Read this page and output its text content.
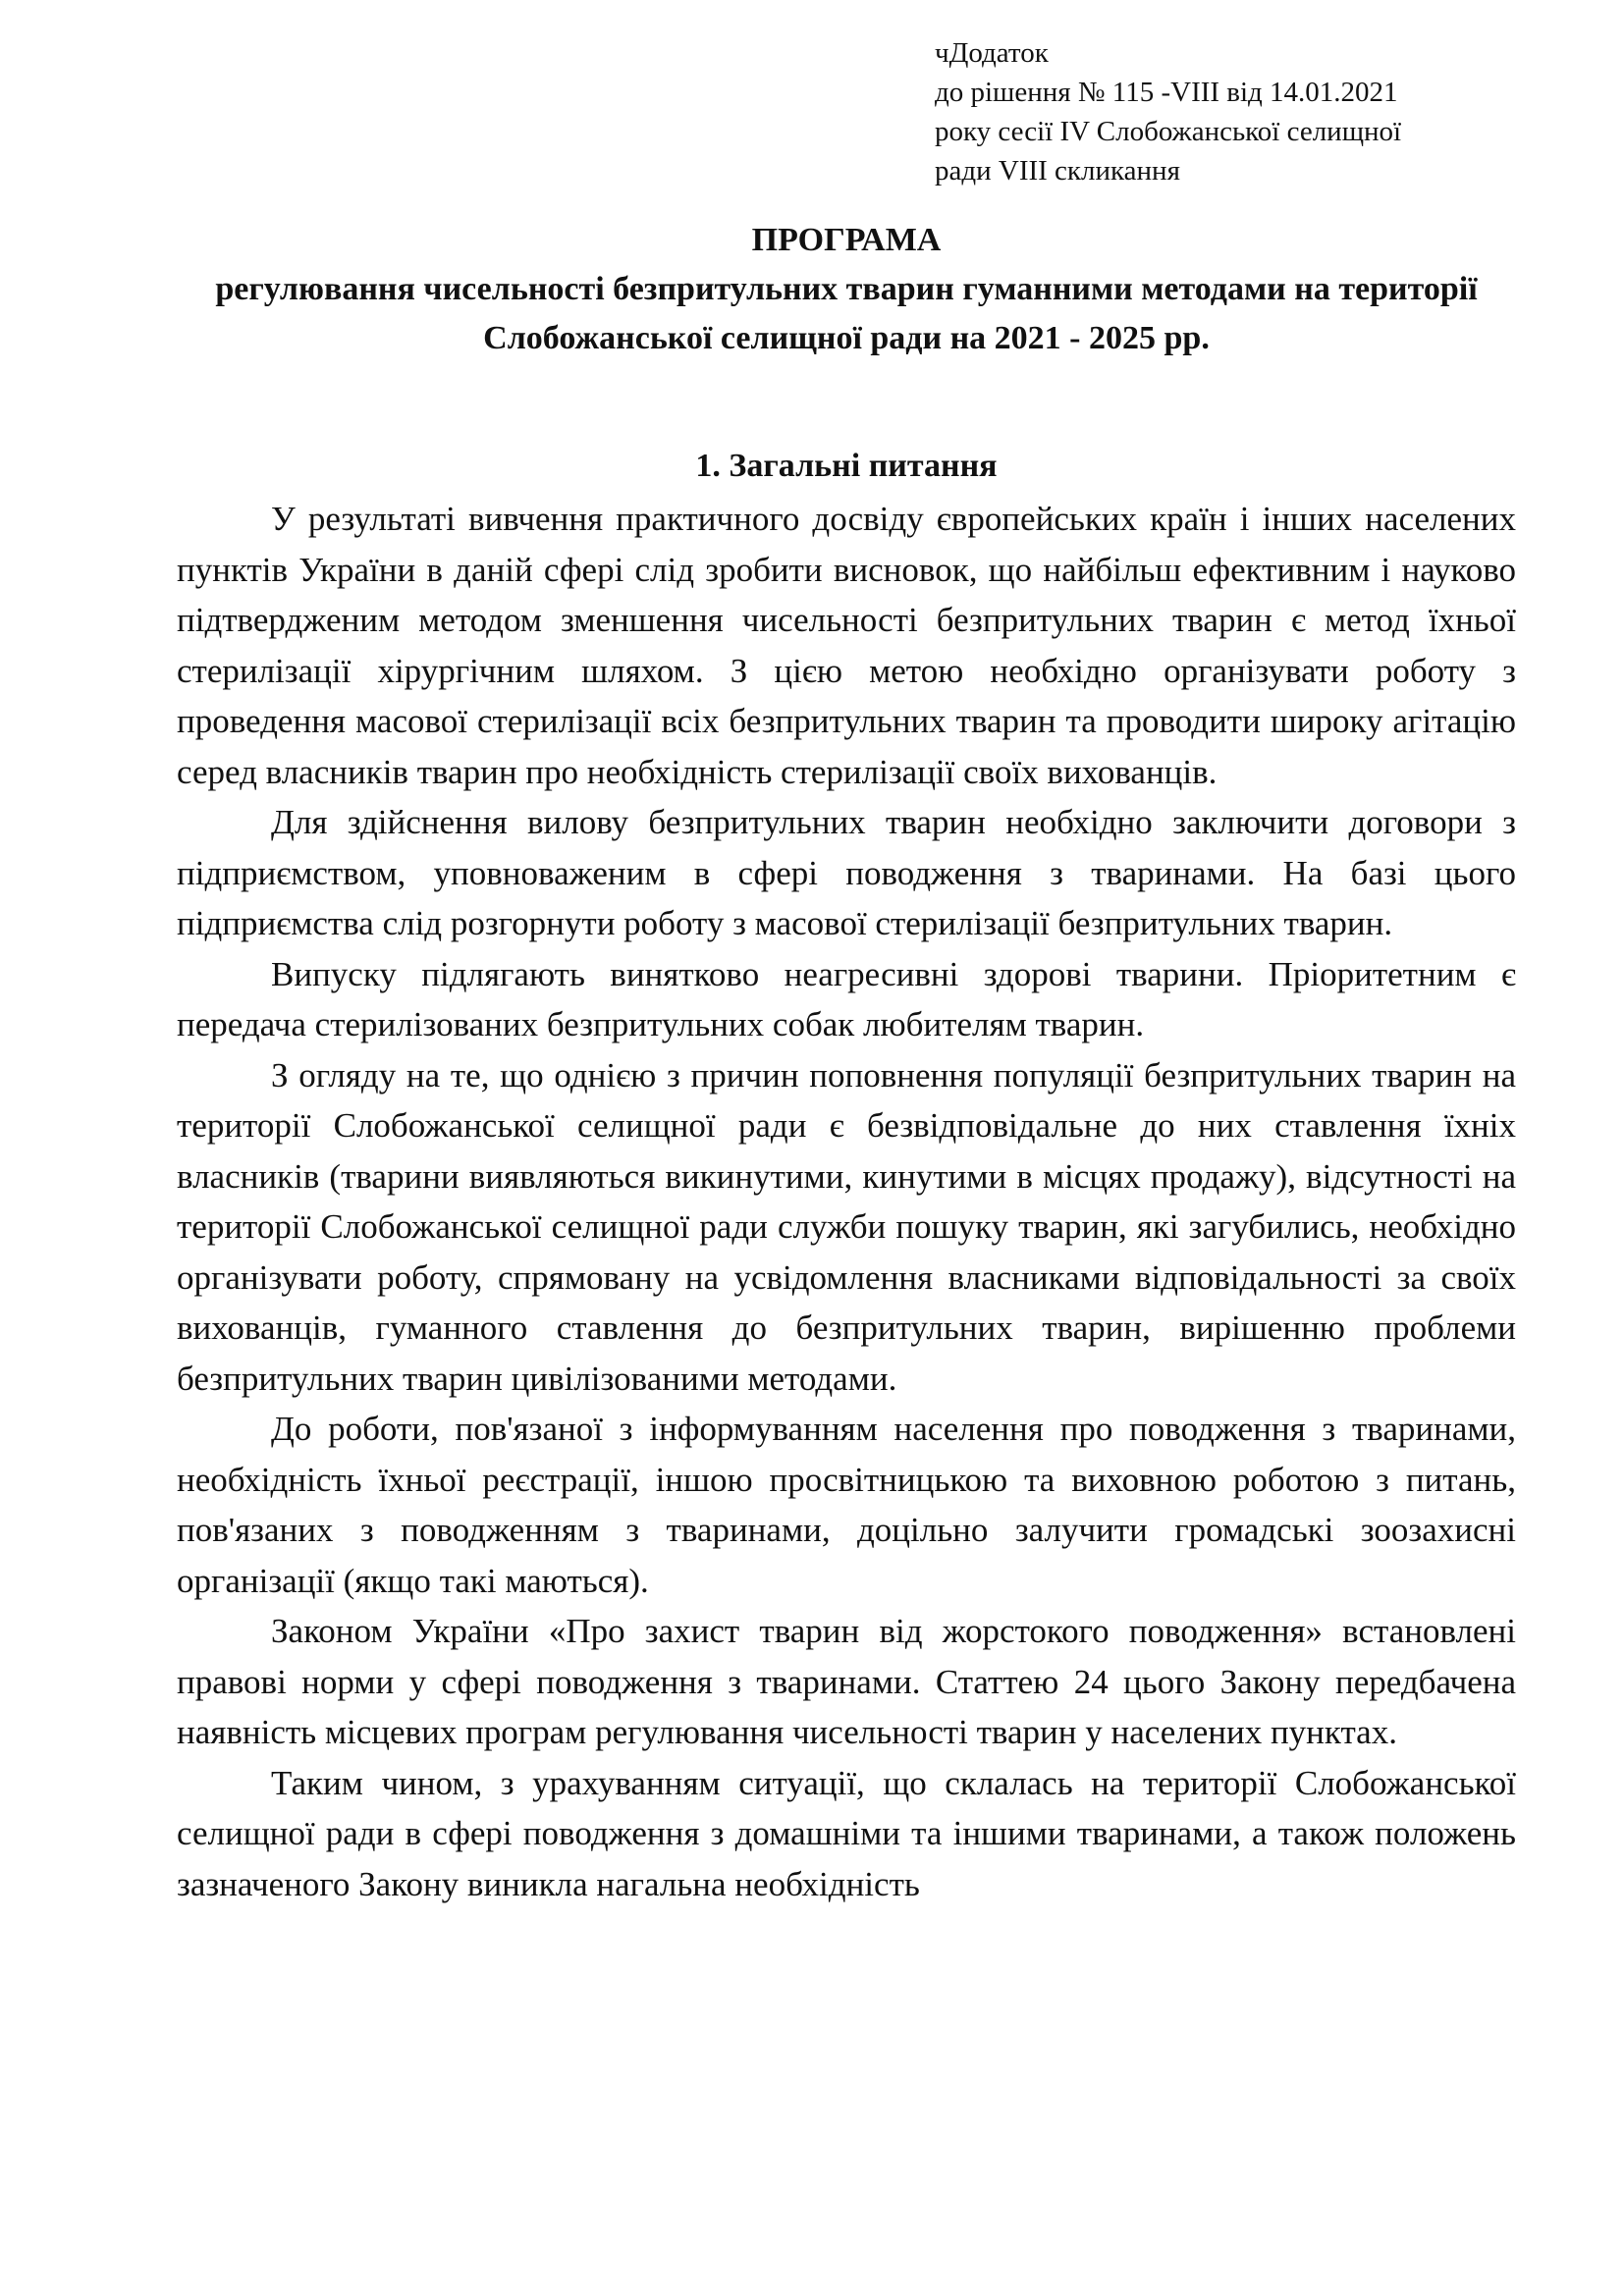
чДодаток
до рішення № 115 -VIII від 14.01.2021
року сесії IV Слобожанської селищної
ради VIII скликання

ПРОГРАМА

регулювання чисельності безпритульних тварин гуманними методами на території Слобожанської селищної ради на 2021 - 2025 рр.

1. Загальні питання

У результаті вивчення практичного досвіду європейських країн і інших населених пунктів України в даній сфері слід зробити висновок, що найбільш ефективним і науково підтвердженим методом зменшення чисельності безпритульних тварин є метод їхньої стерилізації хірургічним шляхом. З цією метою необхідно організувати роботу з проведення масової стерилізації всіх безпритульних тварин та проводити широку агітацію серед власників тварин про необхідність стерилізації своїх вихованців.

Для здійснення вилову безпритульних тварин необхідно заключити договори з підприємством, уповноваженим в сфері поводження з тваринами. На базі цього підприємства слід розгорнути роботу з масової стерилізації безпритульних тварин.

Випуску підлягають винятково неагресивні здорові тварини. Пріоритетним є передача стерилізованих безпритульних собак любителям тварин.

З огляду на те, що однією з причин поповнення популяції безпритульних тварин на території Слобожанської селищної ради є безвідповідальне до них ставлення їхніх власників (тварини виявляються викинутими, кинутими в місцях продажу), відсутності на території Слобожанської селищної ради служби пошуку тварин, які загубились, необхідно організувати роботу, спрямовану на усвідомлення власниками відповідальності за своїх вихованців, гуманного ставлення до безпритульних тварин, вирішенню проблеми безпритульних тварин цивілізованими методами.

До роботи, пов'язаної з інформуванням населення про поводження з тваринами, необхідність їхньої реєстрації, іншою просвітницькою та виховною роботою з питань, пов'язаних з поводженням з тваринами, доцільно залучити громадські зоозахисні організації (якщо такі маються).

Законом України «Про захист тварин від жорстокого поводження» встановлені правові норми у сфері поводження з тваринами. Статтею 24 цього Закону передбачена наявність місцевих програм регулювання чисельності тварин у населених пунктах.

Таким чином, з урахуванням ситуації, що склалась на території Слобожанської селищної ради в сфері поводження з домашніми та іншими тваринами, а також положень зазначеного Закону виникла нагальна необхідність
